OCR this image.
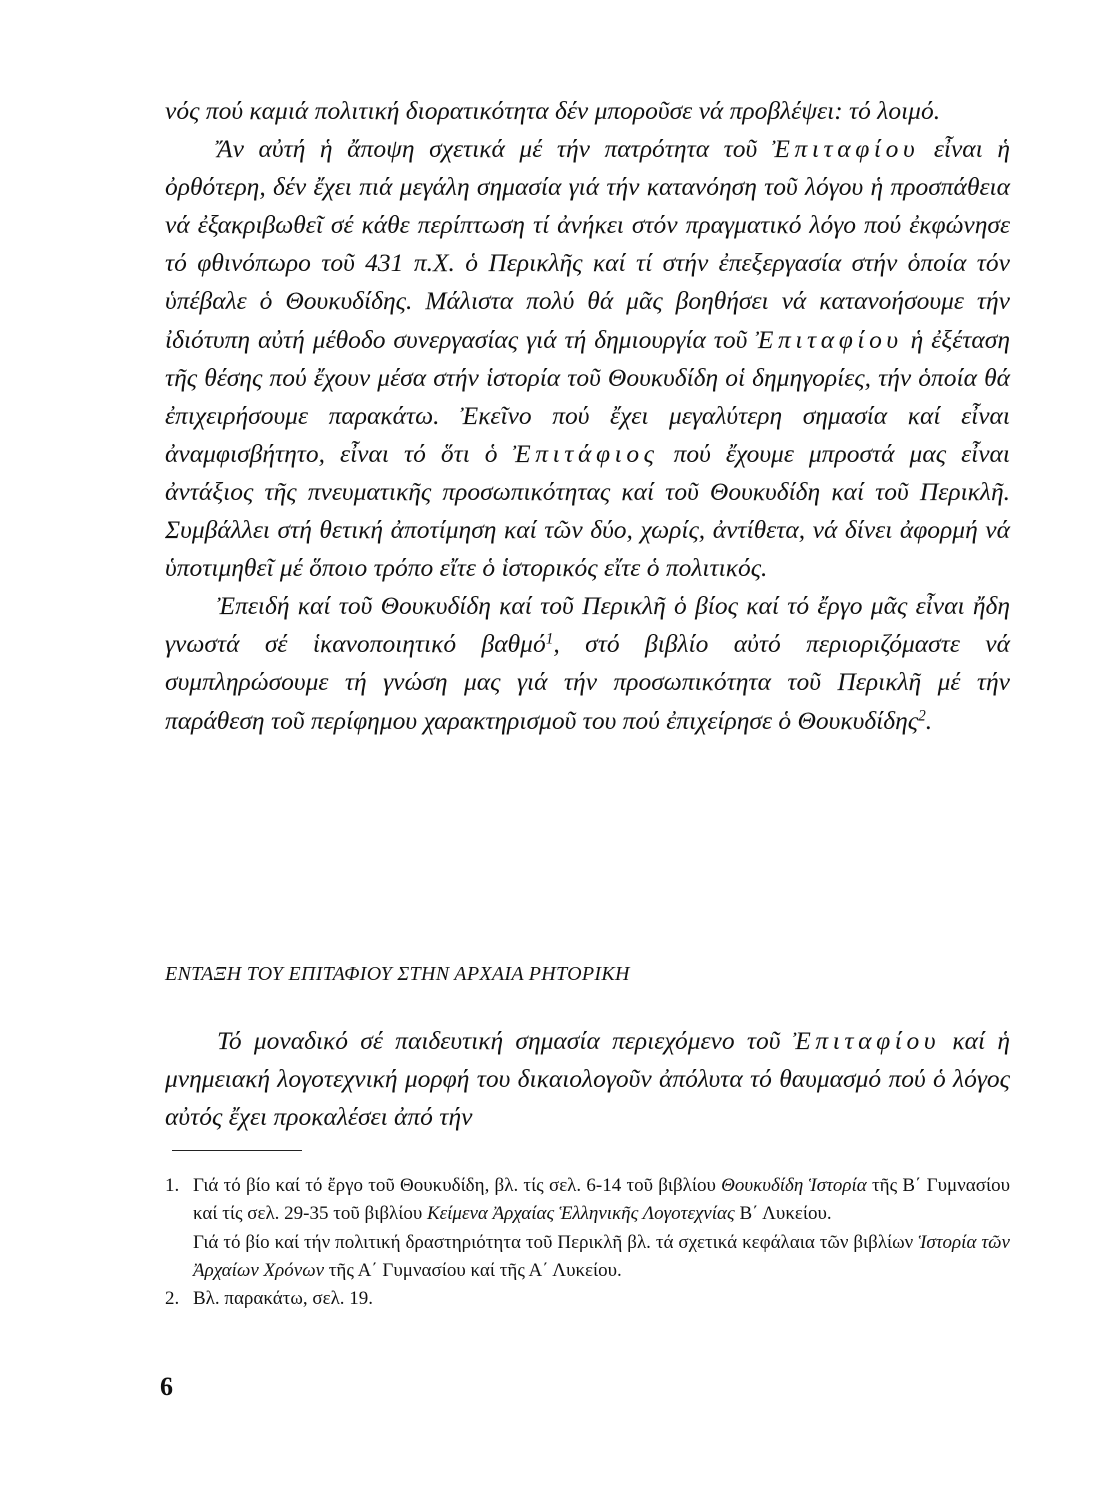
νός πού καμιά πολιτική διορατικότητα δέν μποροῦσε νά προβλέψει: τό λοιμό.

Ἄν αὐτή ἡ ἄποψη σχετικά μέ τήν πατρότητα τοῦ Ἐπιταφίου εἶναι ἡ ὀρθότερη, δέν ἔχει πιά μεγάλη σημασία γιά τήν κατανόηση τοῦ λόγου ἡ προσπάθεια νά ἐξακριβωθεῖ σέ κάθε περίπτωση τί ἀνήκει στόν πραγματικό λόγο πού ἐκφώνησε τό φθινόπωρο τοῦ 431 π.Χ. ὁ Περικλῆς καί τί στήν ἐπεξεργασία στήν ὁποία τόν ὑπέβαλε ὁ Θουκυδίδης. Μάλιστα πολύ θά μᾶς βοηθήσει νά κατανοήσουμε τήν ἰδιότυπη αὐτή μέθοδο συνεργασίας γιά τή δημιουργία τοῦ Ἐπιταφίου ἡ ἐξέταση τῆς θέσης πού ἔχουν μέσα στήν ἱστορία τοῦ Θουκυδίδη οἱ δημηγορίες, τήν ὁποία θά ἐπιχειρήσουμε παρακάτω. Ἐκεῖνο πού ἔχει μεγαλύτερη σημασία καί εἶναι ἀναμφισβήτητο, εἶναι τό ὅτι ὁ Ἐπιτάφιος πού ἔχουμε μπροστά μας εἶναι ἀντάξιος τῆς πνευματικῆς προσωπικότητας καί τοῦ Θουκυδίδη καί τοῦ Περικλῆ. Συμβάλλει στή θετική ἀποτίμηση καί τῶν δύο, χωρίς, ἀντίθετα, νά δίνει ἀφορμή νά ὑποτιμηθεῖ μέ ὅποιο τρόπο εἴτε ὁ ἱστορικός εἴτε ὁ πολιτικός.

Ἐπειδή καί τοῦ Θουκυδίδη καί τοῦ Περικλῆ ὁ βίος καί τό ἔργο μᾶς εἶναι ἤδη γνωστά σέ ἱκανοποιητικό βαθμό$^1$, στό βιβλίο αὐτό περιοριζόμαστε νά συμπληρώσουμε τή γνώση μας γιά τήν προσωπικότητα τοῦ Περικλῆ μέ τήν παράθεση τοῦ περίφημου χαρακτηρισμοῦ του πού ἐπιχείρησε ὁ Θουκυδίδης$^2$.

ΕΝΤΑΞΗ ΤΟΥ ΕΠΙΤΑΦΙΟΥ ΣΤΗΝ ΑΡΧΑΙΑ ΡΗΤΟΡΙΚΗ

Τό μοναδικό σέ παιδευτική σημασία περιεχόμενο τοῦ Ἐπιταφίου καί ἡ μνημειακή λογοτεχνική μορφή του δικαιολογοῦν ἀπόλυτα τό θαυμασμό πού ὁ λόγος αὐτός ἔχει προκαλέσει ἀπό τήν

1. Γιά τό βίο καί τό ἔργο τοῦ Θουκυδίδη, βλ. τίς σελ. 6-14 τοῦ βιβλίου Θουκυδίδη Ἱστορία τῆς Β΄ Γυμνασίου καί τίς σελ. 29-35 τοῦ βιβλίου Κείμενα Ἀρχαίας Ἑλληνικῆς Λογοτεχνίας Β΄ Λυκείου.
Γιά τό βίο καί τήν πολιτική δραστηριότητα τοῦ Περικλῆ βλ. τά σχετικά κεφάλαια τῶν βιβλίων Ἱστορία τῶν Ἀρχαίων Χρόνων τῆς Α΄ Γυμνασίου καί τῆς Α΄ Λυκείου.
2. Βλ. παρακάτω, σελ. 19.
6
